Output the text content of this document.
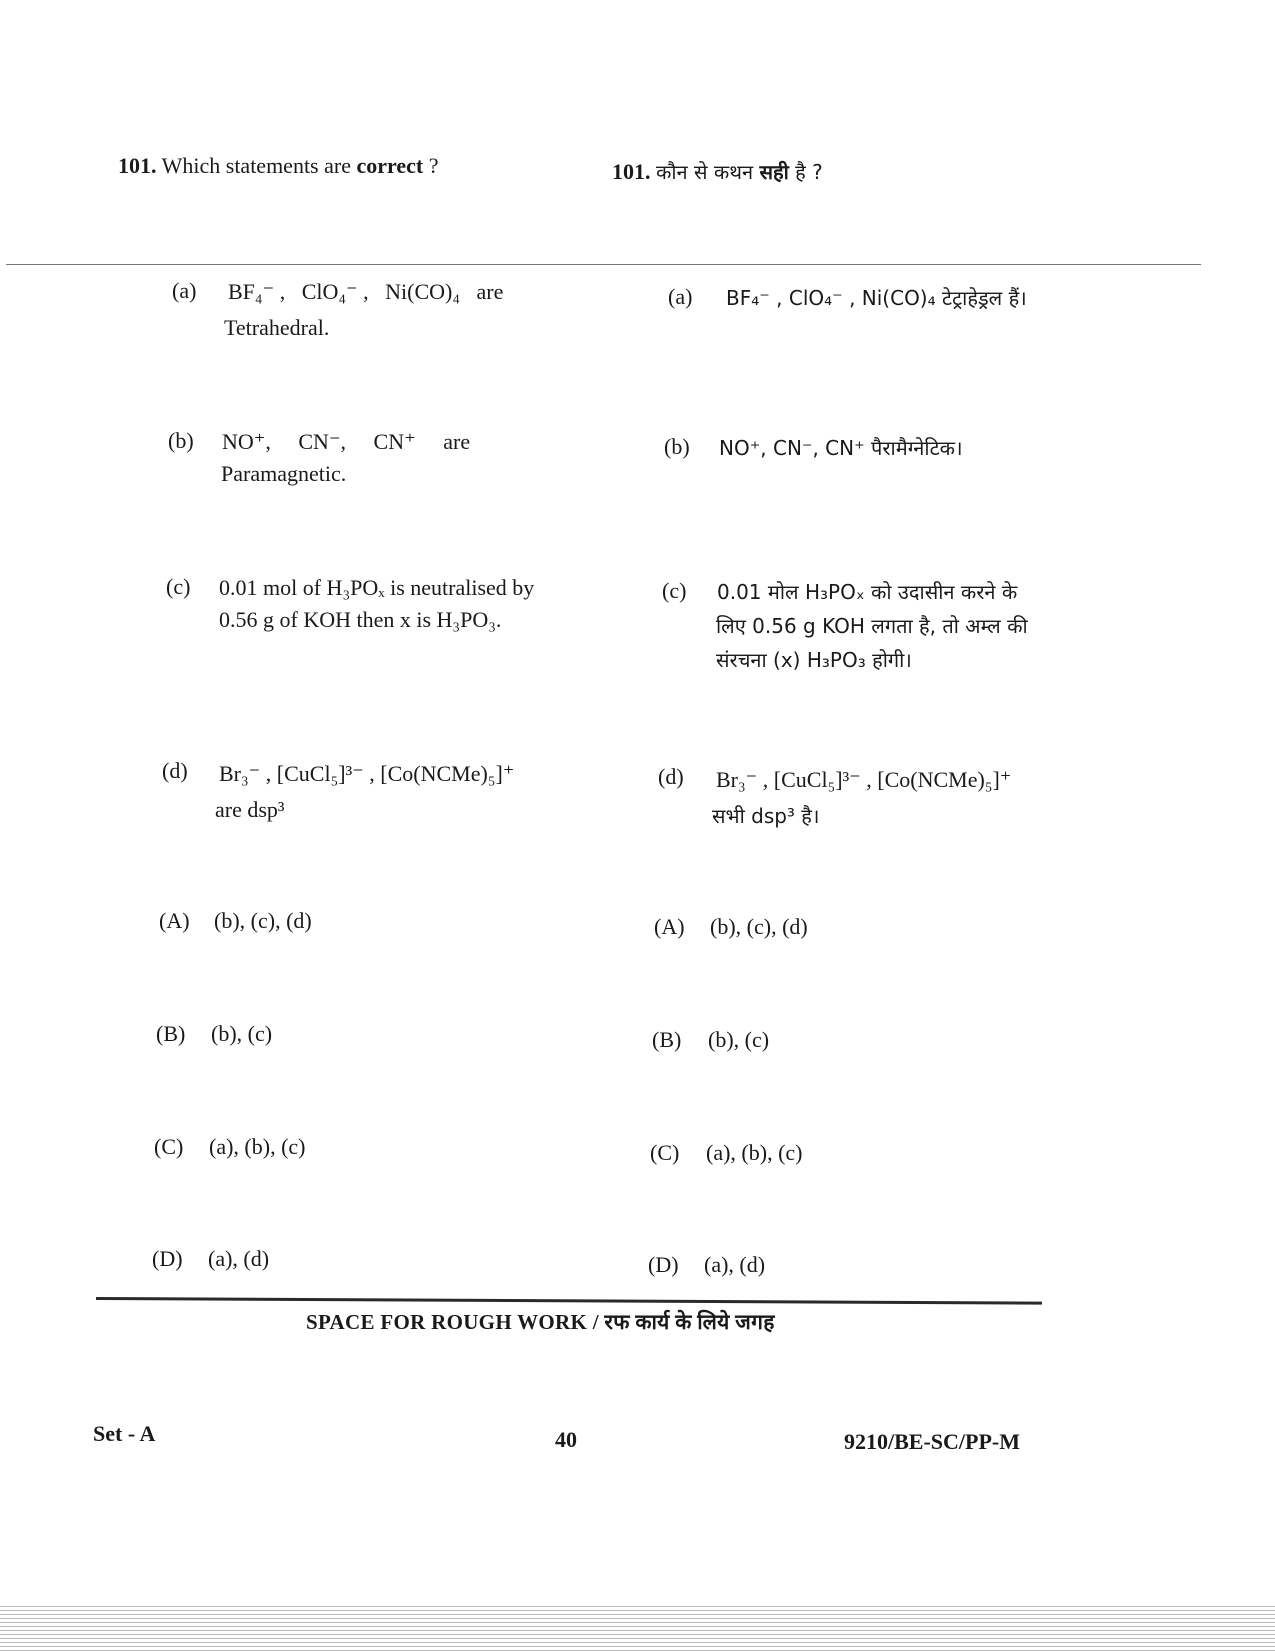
101. Which statements are correct ?	101. कौन से कथन सही है ?
(a) BF₄⁻ ,   ClO₄⁻ ,   Ni(CO)₄   are
Tetrahedral.
(a) BF₄⁻ , ClO₄⁻ , Ni(CO)₄ टेट्राहेड्रल हैं।
(b) NO⁺,     CN⁻,     CN⁺     are
Paramagnetic.
(b) NO⁺, CN⁻, CN⁺ पैरामैग्नेटिक।
(c) 0.01 mol of H₃POₓ is neutralised by
0.56 g of KOH then x is H₃PO₃.
(c) 0.01 मोल H₃POₓ को उदासीन करने के
लिए 0.56 g KOH लगता है, तो अम्ल की
संरचना (x) H₃PO₃ होगी।
(d) Br₃⁻ , [CuCl₅]³⁻ , [Co(NCMe)₅]⁺
are dsp³
(d) Br₃⁻ , [CuCl₅]³⁻ , [Co(NCMe)₅]⁺
सभी dsp³ है।
(A) (b), (c), (d)
(B) (b), (c)
(C) (a), (b), (c)
(D) (a), (d)
(A) (b), (c), (d)
(B) (b), (c)
(C) (a), (b), (c)
(D) (a), (d)
SPACE FOR ROUGH WORK / रफ कार्य के लिये जगह
Set - A	40	9210/BE-SC/PP-M
